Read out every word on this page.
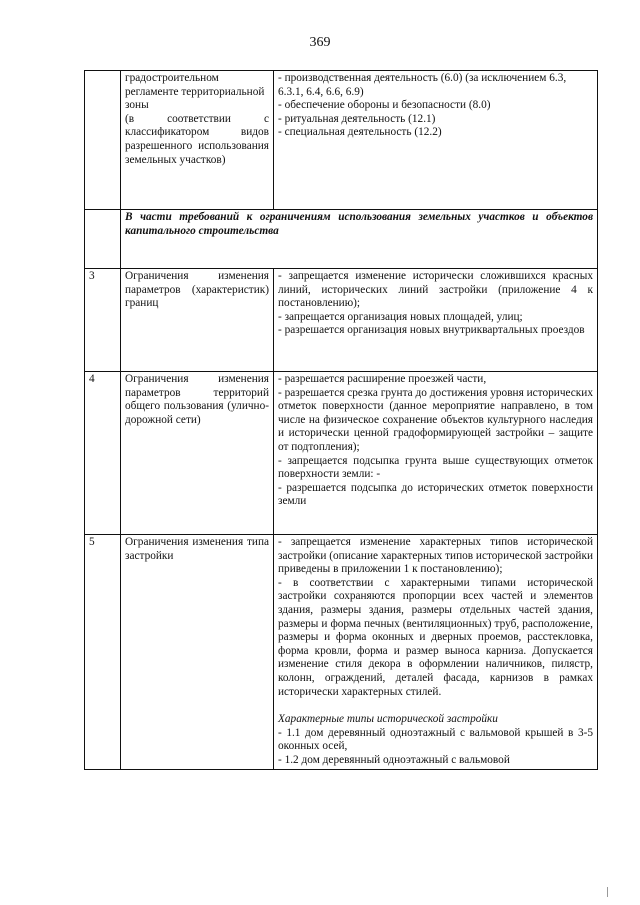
369

	градостроительном регламенте территориальной зоны
(в соответствии с классификатором видов разрешенного использования земельных участков)	- производственная деятельность (6.0) (за исключением 6.3, 6.3.1, 6.4, 6.6, 6.9)
- обеспечение обороны и безопасности (8.0)
- ритуальная деятельность (12.1)
- специальная деятельность (12.2)

	В части требований к ограничениям использования земельных участков и объектов капитального строительства	
3	Ограничения изменения параметров (характеристик) границ	- запрещается изменение исторически сложившихся красных линий, исторических линий застройки (приложение 4 к постановлению);
- запрещается организация новых площадей, улиц;
- разрешается организация новых внутриквартальных проездов

4	Ограничения изменения параметров территорий общего пользования (улично-дорожной сети)	- разрешается расширение проезжей части,
- разрешается срезка грунта до достижения уровня исторических отметок поверхности (данное мероприятие направлено, в том числе на физическое сохранение объектов культурного наследия и исторически ценной градоформирующей застройки – защите от подтопления);
- запрещается подсыпка грунта выше существующих отметок поверхности земли: -
- разрешается подсыпка до исторических отметок поверхности земли

5	Ограничения изменения типа застройки	- запрещается изменение характерных типов исторической застройки (описание характерных типов исторической застройки приведены в приложении 1 к постановлению);
- в соответствии с характерными типами исторической застройки сохраняются пропорции всех частей и элементов здания, размеры здания, размеры отдельных частей здания, размеры и форма печных (вентиляционных) труб, расположение, размеры и форма оконных и дверных проемов, расстекловка, форма кровли, форма и размер выноса карниза. Допускается изменение стиля декора в оформлении наличников, пилястр, колонн, ограждений, деталей фасада, карнизов в рамках исторически характерных стилей.
Характерные типы исторической застройки
- 1.1 дом деревянный одноэтажный с вальмовой крышей в 3-5 оконных осей,
- 1.2 дом деревянный одноэтажный с вальмовой
